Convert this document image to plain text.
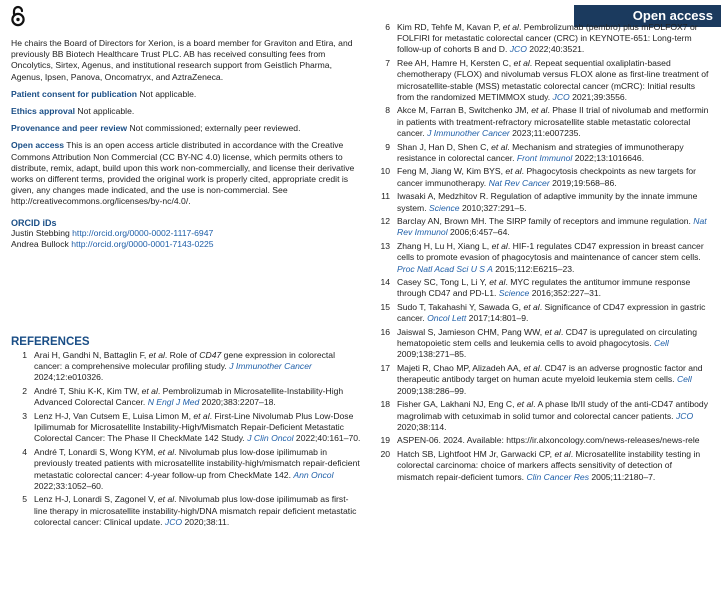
Open access

He chairs the Board of Directors for Xerion, is a board member for Graviton and Etira, and previously BB Biotech Healthcare Trust PLC. AB has received consulting fees from Oncolytics, Sirtex, Agenus, and institutional research support from Geistlich Pharma, Agenus, Ipsen, Panova, Oncomatryx, and AztraZeneca.

Patient consent for publication Not applicable.

Ethics approval Not applicable.

Provenance and peer review Not commissioned; externally peer reviewed.

Open access This is an open access article distributed in accordance with the Creative Commons Attribution Non Commercial (CC BY-NC 4.0) license, which permits others to distribute, remix, adapt, build upon this work non-commercially, and license their derivative works on different terms, provided the original work is properly cited, appropriate credit is given, any changes made indicated, and the use is non-commercial. See http://creativecommons.org/licenses/by-nc/4.0/.

ORCID iDs
Justin Stebbing http://orcid.org/0000-0002-1117-6947
Andrea Bullock http://orcid.org/0000-0001-7143-0225
REFERENCES
1 Arai H, Gandhi N, Battaglin F, et al. Role of CD47 gene expression in colorectal cancer: a comprehensive molecular profiling study. J Immunother Cancer 2024;12:e010326.
2 André T, Shiu K-K, Kim TW, et al. Pembrolizumab in Microsatellite-Instability-High Advanced Colorectal Cancer. N Engl J Med 2020;383:2207–18.
3 Lenz H-J, Van Cutsem E, Luisa Limon M, et al. First-Line Nivolumab Plus Low-Dose Ipilimumab for Microsatellite Instability-High/Mismatch Repair-Deficient Metastatic Colorectal Cancer: The Phase II CheckMate 142 Study. J Clin Oncol 2022;40:161–70.
4 André T, Lonardi S, Wong KYM, et al. Nivolumab plus low-dose ipilimumab in previously treated patients with microsatellite instability-high/mismatch repair-deficient metastatic colorectal cancer: 4-year follow-up from CheckMate 142. Ann Oncol 2022;33:1052–60.
5 Lenz H-J, Lonardi S, Zagonel V, et al. Nivolumab plus low-dose ipilimumab as first-line therapy in microsatellite instability-high/DNA mismatch repair deficient metastatic colorectal cancer: Clinical update. JCO 2020;38:11.
6 Kim RD, Tehfe M, Kavan P, et al. Pembrolizumab (pembro) plus mFOLFOX7 or FOLFIRI for metastatic colorectal cancer (CRC) in KEYNOTE-651: Long-term follow-up of cohorts B and D. JCO 2022;40:3521.
7 Ree AH, Hamre H, Kersten C, et al. Repeat sequential oxaliplatin-based chemotherapy (FLOX) and nivolumab versus FLOX alone as first-line treatment of microsatellite-stable (MSS) metastatic colorectal cancer (mCRC): Initial results from the randomized METIMMOX study. JCO 2021;39:3556.
8 Akce M, Farran B, Switchenko JM, et al. Phase II trial of nivolumab and metformin in patients with treatment-refractory microsatellite stable metastatic colorectal cancer. J Immunother Cancer 2023;11:e007235.
9 Shan J, Han D, Shen C, et al. Mechanism and strategies of immunotherapy resistance in colorectal cancer. Front Immunol 2022;13:1016646.
10 Feng M, Jiang W, Kim BYS, et al. Phagocytosis checkpoints as new targets for cancer immunotherapy. Nat Rev Cancer 2019;19:568–86.
11 Iwasaki A, Medzhitov R. Regulation of adaptive immunity by the innate immune system. Science 2010;327:291–5.
12 Barclay AN, Brown MH. The SIRP family of receptors and immune regulation. Nat Rev Immunol 2006;6:457–64.
13 Zhang H, Lu H, Xiang L, et al. HIF-1 regulates CD47 expression in breast cancer cells to promote evasion of phagocytosis and maintenance of cancer stem cells. Proc Natl Acad Sci U S A 2015;112:E6215–23.
14 Casey SC, Tong L, Li Y, et al. MYC regulates the antitumor immune response through CD47 and PD-L1. Science 2016;352:227–31.
15 Sudo T, Takahashi Y, Sawada G, et al. Significance of CD47 expression in gastric cancer. Oncol Lett 2017;14:801–9.
16 Jaiswal S, Jamieson CHM, Pang WW, et al. CD47 is upregulated on circulating hematopoietic stem cells and leukemia cells to avoid phagocytosis. Cell 2009;138:271–85.
17 Majeti R, Chao MP, Alizadeh AA, et al. CD47 is an adverse prognostic factor and therapeutic antibody target on human acute myeloid leukemia stem cells. Cell 2009;138:286–99.
18 Fisher GA, Lakhani NJ, Eng C, et al. A phase Ib/II study of the anti-CD47 antibody magrolimab with cetuximab in solid tumor and colorectal cancer patients. JCO 2020;38:114.
19 ASPEN-06. 2024. Available: https://ir.alxoncology.com/news-releases/news-rele
20 Hatch SB, Lightfoot HM Jr, Garwacki CP, et al. Microsatellite instability testing in colorectal carcinoma: choice of markers affects sensitivity of detection of mismatch repair-deficient tumors. Clin Cancer Res 2005;11:2180–7.
